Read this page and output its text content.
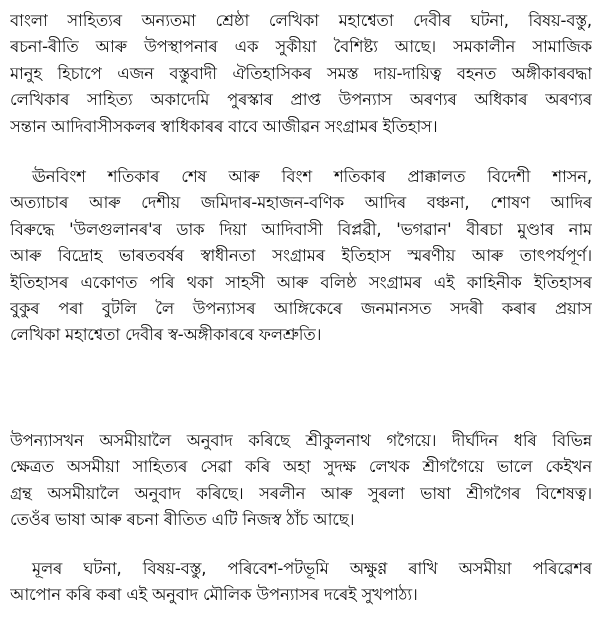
বাংলা সাহিত্যৰ অন্যতমা শ্ৰেষ্ঠা লেখিকা মহাশ্বেতা দেবীৰ ঘটনা, বিষয়-বস্তু,
ৰচনা-ৰীতি আৰু উপস্থাপনাৰ এক সুকীয়া বৈশিষ্ট্য আছে। সমকালীন সামাজিক
মানুহ হিচাপে এজন বস্তুবাদী ঐতিহাসিকৰ সমস্ত দায়-দায়িত্ব বহনত অঙ্গীকাৰবদ্ধা
লেখিকাৰ সাহিত্য অকাদেমি পুৰস্কাৰ প্ৰাপ্ত উপন্যাস অৰণ্যৰ অধিকাৰ অৰণ্যৰ
সন্তান আদিবাসীসকলৰ স্বাধিকাৰৰ বাবে আজীৱন সংগ্ৰামৰ ইতিহাস।
ঊনবিংশ শতিকাৰ শেষ আৰু বিংশ শতিকাৰ প্ৰাক্কালত বিদেশী শাসন,
অত্যাচাৰ আৰু দেশীয় জমিদাৰ-মহাজন-বণিক আদিৰ বঞ্চনা, শোষণ আদিৰ
বিৰুদ্ধে 'উলগুলানৰ'ৰ ডাক দিয়া আদিবাসী বিপ্লৱী, 'ভগৱান' বীৰচা মুণ্ডাৰ নাম
আৰু বিদ্ৰোহ ভাৰতবৰ্ষৰ স্বাধীনতা সংগ্ৰামৰ ইতিহাস স্মৰণীয় আৰু তাৎপৰ্যপূৰ্ণ।
ইতিহাসৰ একোণত পৰি থকা সাহসী আৰু বলিষ্ঠ সংগ্ৰামৰ এই কাহিনীক ইতিহাসৰ
বুকুৰ পৰা বুটলি লৈ উপন্যাসৰ আঙ্গিকেৰে জনমানসত সদৰী কৰাৰ প্ৰয়াস
লেখিকা মহাশ্বেতা দেবীৰ স্ব-অঙ্গীকাৰৰে ফলশ্ৰুতি।
উপন্যাসখন অসমীয়ালৈ অনুবাদ কৰিছে শ্ৰীকুলনাথ গগৈয়ে। দীৰ্ঘদিন ধৰি বিভিন্ন
ক্ষেত্ৰত অসমীয়া সাহিত্যৰ সেৱা কৰি অহা সুদক্ষ লেখক শ্ৰীগগৈয়ে ভালে কেইখন
গ্ৰন্থ অসমীয়ালৈ অনুবাদ কৰিছে। সৰলীন আৰু সুৰলা ভাষা শ্ৰীগগৈৰ বিশেষত্ব।
তেওঁৰ ভাষা আৰু ৰচনা ৰীতিত এটি নিজস্ব ঠাঁচ আছে।
মূলৰ ঘটনা, বিষয়-বস্তু, পৰিবেশ-পটভূমি অক্ষুণ্ণ ৰাখি অসমীয়া পৰিৱেশৰ
আপোন কৰি কৰা এই অনুবাদ মৌলিক উপন্যাসৰ দৰেই সুখপাঠ্য।
